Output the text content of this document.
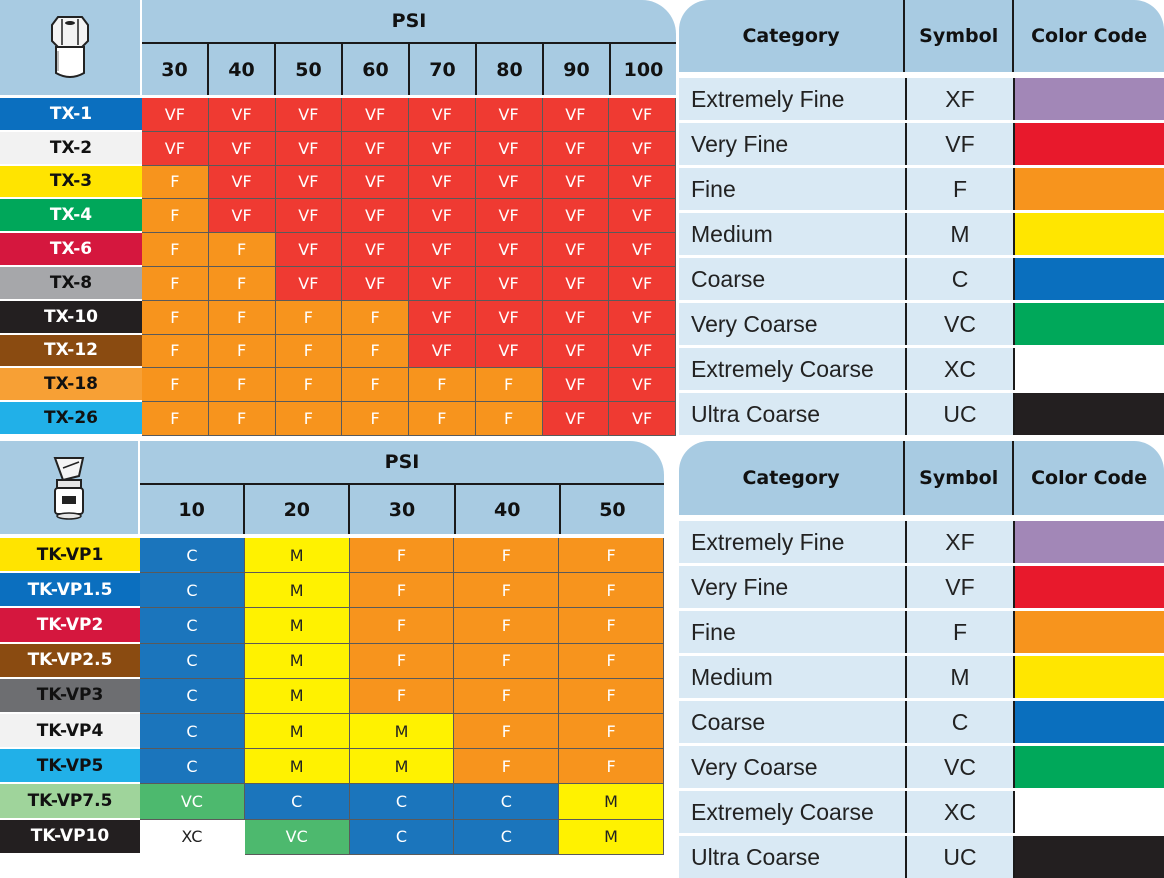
PSI
30	40	50	60	70	80	90	100
TX-1	VF	VF	VF	VF	VF	VF	VF	VF
TX-2	VF	VF	VF	VF	VF	VF	VF	VF
TX-3	F	VF	VF	VF	VF	VF	VF	VF
TX-4	F	VF	VF	VF	VF	VF	VF	VF
TX-6	F	F	VF	VF	VF	VF	VF	VF
TX-8	F	F	VF	VF	VF	VF	VF	VF
TX-10	F	F	F	F	VF	VF	VF	VF
TX-12	F	F	F	F	VF	VF	VF	VF
TX-18	F	F	F	F	F	F	VF	VF
TX-26	F	F	F	F	F	F	VF	VF
PSI
10	20	30	40	50
TK-VP1	C	M	F	F	F
TK-VP1.5	C	M	F	F	F
TK-VP2	C	M	F	F	F
TK-VP2.5	C	M	F	F	F
TK-VP3	C	M	F	F	F
TK-VP4	C	M	M	F	F
TK-VP5	C	M	M	F	F
TK-VP7.5	VC	C	C	C	M
TK-VP10	XC	VC	C	C	M
Category	Symbol	Color Code
Extremely Fine	XF
Very Fine	VF
Fine	F
Medium	M
Coarse	C
Very Coarse	VC
Extremely Coarse	XC
Ultra Coarse	UC
Category	Symbol	Color Code
Extremely Fine	XF
Very Fine	VF
Fine	F
Medium	M
Coarse	C
Very Coarse	VC
Extremely Coarse	XC
Ultra Coarse	UC
